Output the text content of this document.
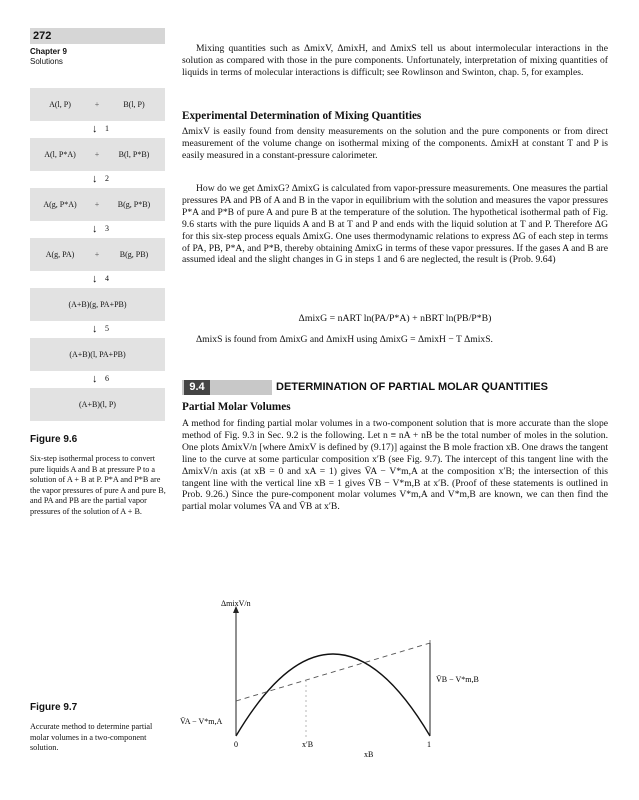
272
Chapter 9
Solutions
A(l, P)	+	B(l, P)
↓ 1
A(l, P*A)	+	B(l, P*B)
↓ 2
A(g, P*A)	+	B(g, P*B)
↓ 3
A(g, PA)	+	B(g, PB)
↓ 4
(A+B)(g, PA+PB)
↓ 5
(A+B)(l, PA+PB)
↓ 6
(A+B)(l, P)
Figure 9.6
Six-step isothermal process to convert pure liquids A and B at pressure P to a solution of A + B at P. P*A and P*B are the vapor pressures of pure A and pure B, and PA and PB are the partial vapor pressures of the solution of A + B.
Figure 9.7
Accurate method to determine partial molar volumes in a two-component solution.

Mixing quantities such as ΔmixV, ΔmixH, and ΔmixS tell us about intermolecular interactions in the solution as compared with those in the pure components. Unfortunately, interpretation of mixing quantities of liquids in terms of molecular interactions is difficult; see Rowlinson and Swinton, chap. 5, for examples.

Experimental Determination of Mixing Quantities

ΔmixV is easily found from density measurements on the solution and the pure components or from direct measurement of the volume change on isothermal mixing of the components. ΔmixH at constant T and P is easily measured in a constant-pressure calorimeter.

How do we get ΔmixG? ΔmixG is calculated from vapor-pressure measurements. One measures the partial pressures PA and PB of A and B in the vapor in equilibrium with the solution and measures the vapor pressures P*A and P*B of pure A and pure B at the temperature of the solution. The hypothetical isothermal path of Fig. 9.6 starts with the pure liquids A and B at T and P and ends with the liquid solution at T and P. Therefore ΔG for this six-step process equals ΔmixG. One uses thermodynamic relations to express ΔG of each step in terms of PA, PB, P*A, and P*B, thereby obtaining ΔmixG in terms of these vapor pressures. If the gases A and B are assumed ideal and the slight changes in G in steps 1 and 6 are neglected, the result is (Prob. 9.64)

ΔmixG = nART ln(PA/P*A) + nBRT ln(PB/P*B)

ΔmixS is found from ΔmixG and ΔmixH using ΔmixG = ΔmixH − T ΔmixS.

9.4	DETERMINATION OF PARTIAL MOLAR QUANTITIES
Partial Molar Volumes

A method for finding partial molar volumes in a two-component solution that is more accurate than the slope method of Fig. 9.3 in Sec. 9.2 is the following. Let n ≡ nA + nB be the total number of moles in the solution. One plots ΔmixV/n [where ΔmixV is defined by (9.17)] against the B mole fraction xB. One draws the tangent line to the curve at some particular composition x′B (see Fig. 9.7). The intercept of this tangent line with the ΔmixV/n axis (at xB = 0 and xA = 1) gives V̄A − V*m,A at the composition x′B; the intersection of this tangent line with the vertical line xB = 1 gives V̄B − V*m,B at x′B. (Proof of these statements is outlined in Prob. 9.26.) Since the pure-component molar volumes V*m,A and V*m,B are known, we can then find the partial molar volumes V̄A and V̄B at x′B.

ΔmixV/n
0	1
x′B
xB
V̄A − V*m,A
V̄B − V*m,B
